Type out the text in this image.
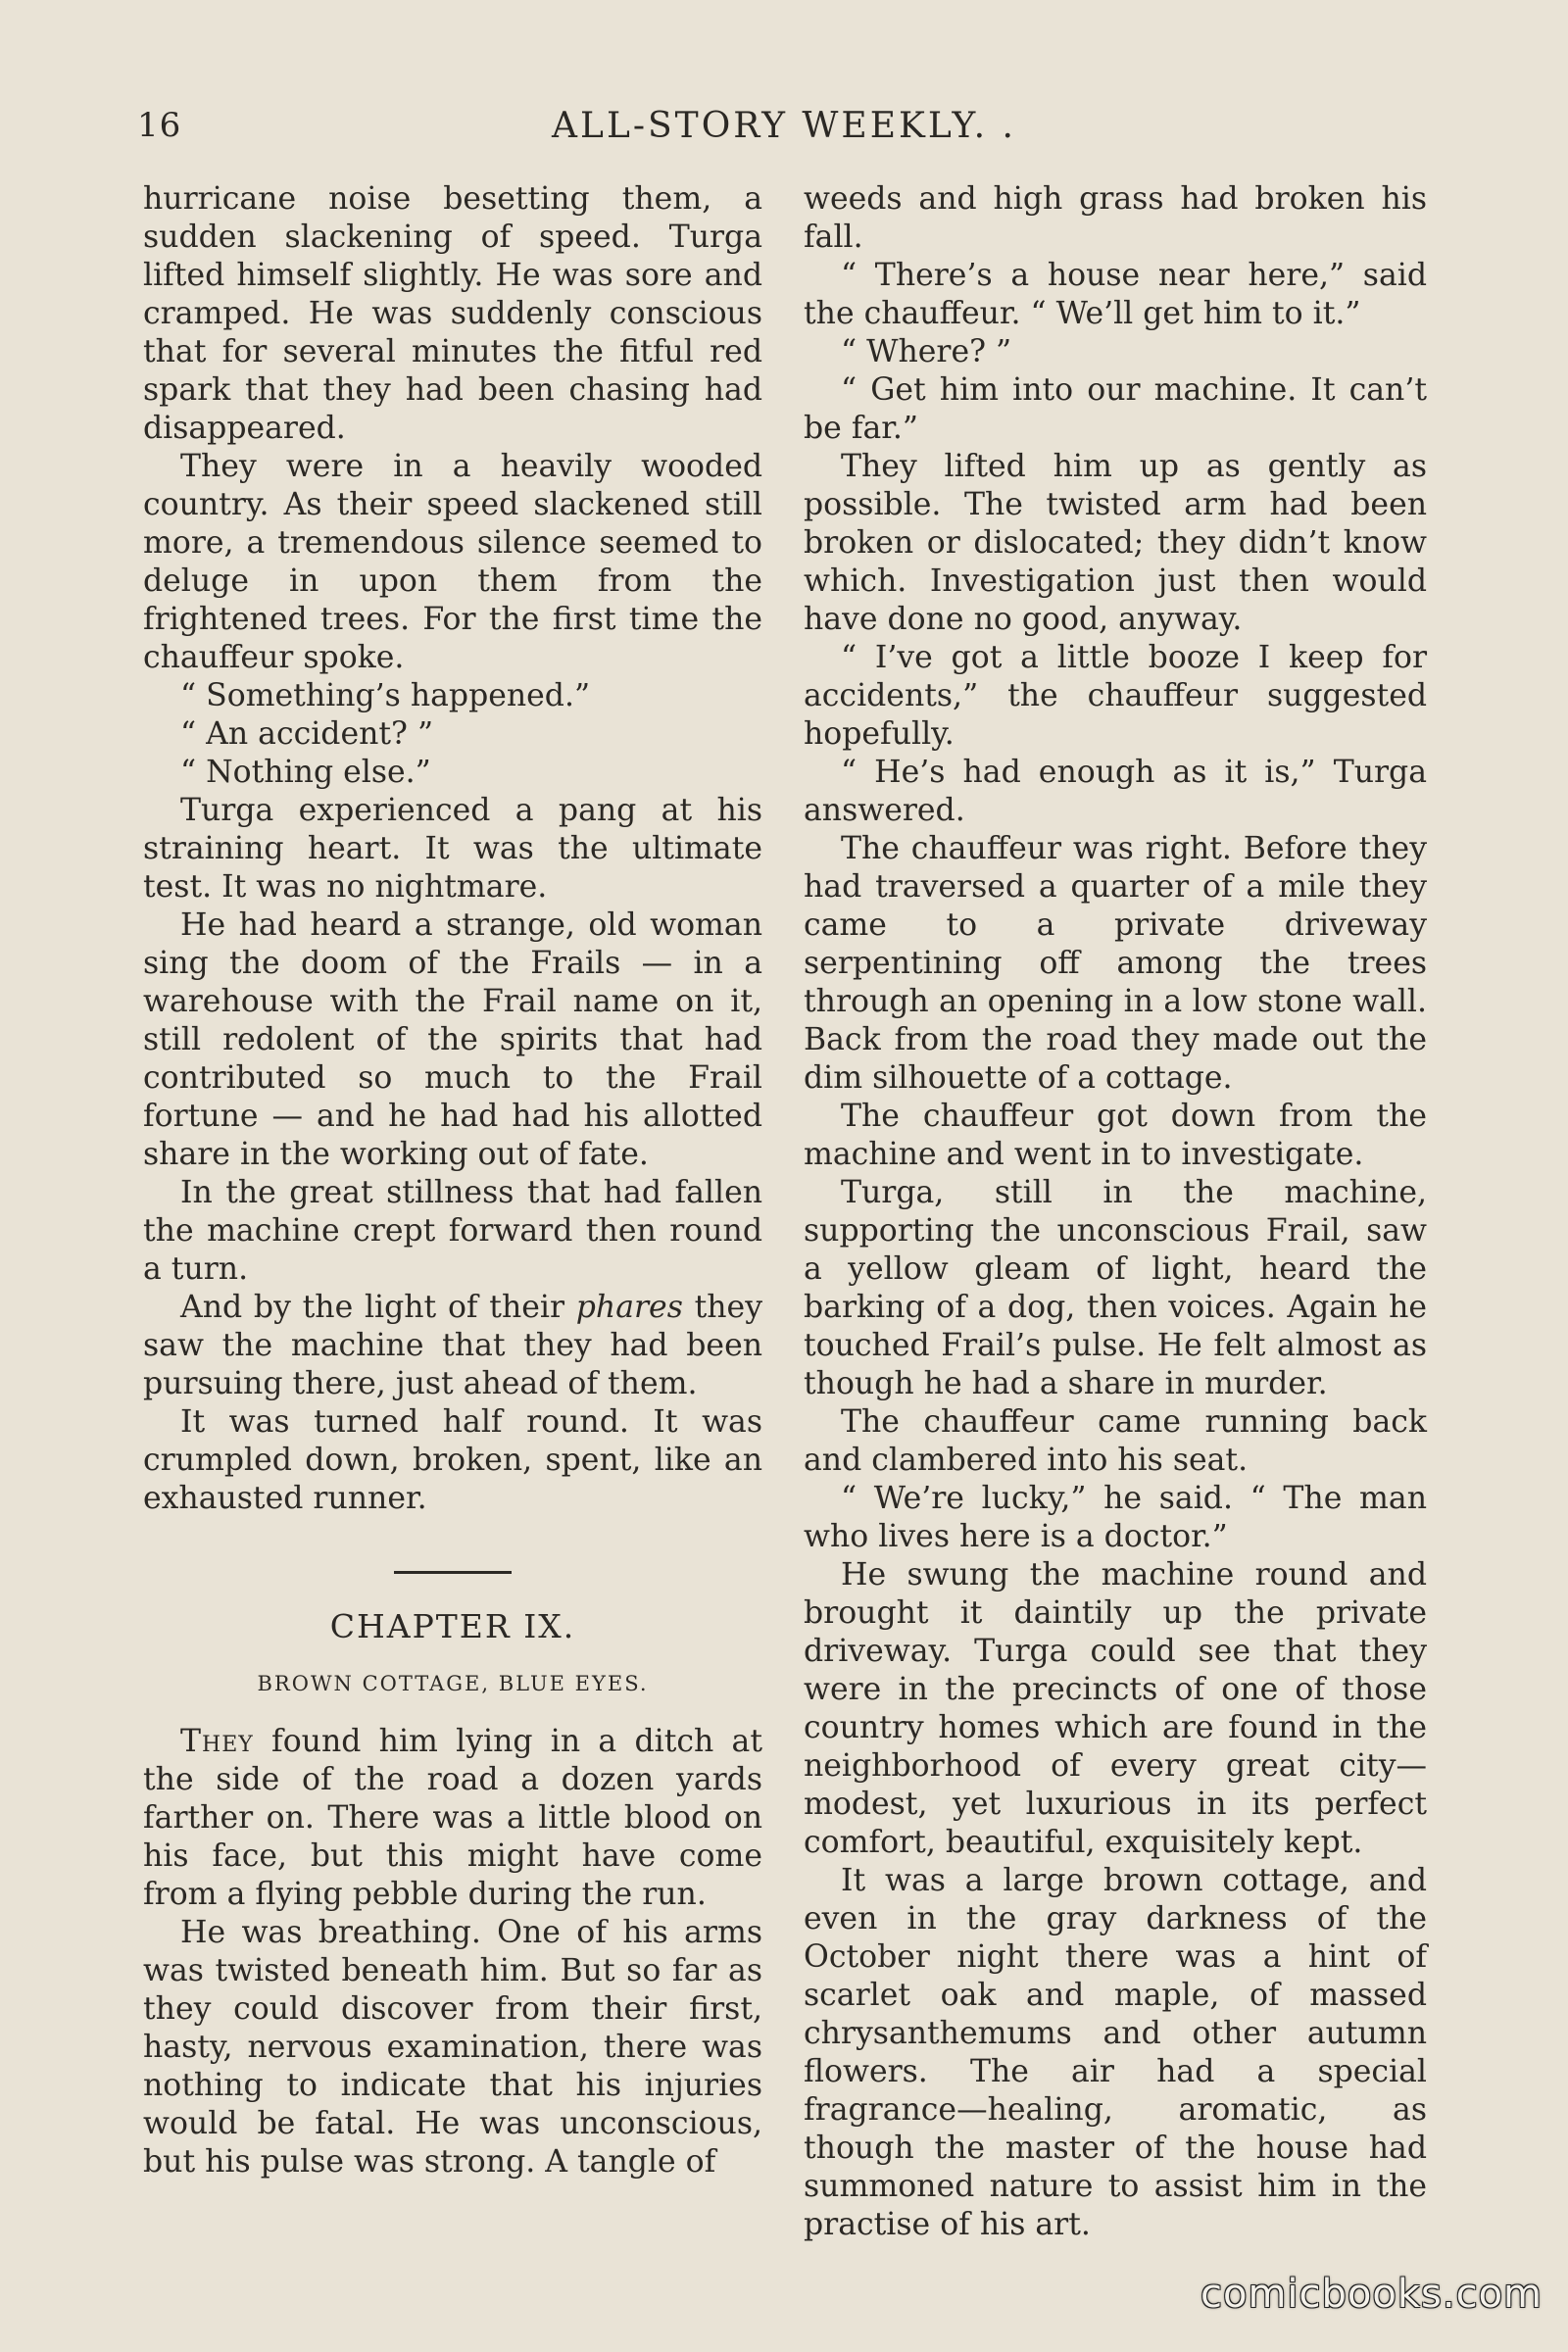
16	ALL-STORY WEEKLY. .

hurricane noise besetting them, a sudden slackening of speed. Turga lifted himself slightly. He was sore and cramped. He was suddenly conscious that for several minutes the fitful red spark that they had been chasing had disappeared.

They were in a heavily wooded country. As their speed slackened still more, a tremendous silence seemed to deluge in upon them from the frightened trees. For the first time the chauffeur spoke.

“ Something’s happened.”

“ An accident? ”

“ Nothing else.”

Turga experienced a pang at his straining heart. It was the ultimate test. It was no nightmare.

He had heard a strange, old woman sing the doom of the Frails — in a warehouse with the Frail name on it, still redolent of the spirits that had contributed so much to the Frail fortune — and he had had his allotted share in the working out of fate.

In the great stillness that had fallen the machine crept forward then round a turn.

And by the light of their phares they saw the machine that they had been pursuing there, just ahead of them.

It was turned half round. It was crumpled down, broken, spent, like an exhausted runner.

CHAPTER IX.
BROWN COTTAGE, BLUE EYES.

They found him lying in a ditch at the side of the road a dozen yards farther on. There was a little blood on his face, but this might have come from a flying pebble during the run.

He was breathing. One of his arms was twisted beneath him. But so far as they could discover from their first, hasty, nervous examination, there was nothing to indicate that his injuries would be fatal. He was unconscious, but his pulse was strong. A tangle of

weeds and high grass had broken his fall.

“ There’s a house near here,” said the chauffeur. “ We’ll get him to it.”

“ Where? ”

“ Get him into our machine. It can’t be far.”

They lifted him up as gently as possible. The twisted arm had been broken or dislocated; they didn’t know which. Investigation just then would have done no good, anyway.

“ I’ve got a little booze I keep for accidents,” the chauffeur suggested hopefully.

“ He’s had enough as it is,” Turga answered.

The chauffeur was right. Before they had traversed a quarter of a mile they came to a private driveway serpentining off among the trees through an opening in a low stone wall. Back from the road they made out the dim silhouette of a cottage.

The chauffeur got down from the machine and went in to investigate.

Turga, still in the machine, supporting the unconscious Frail, saw a yellow gleam of light, heard the barking of a dog, then voices. Again he touched Frail’s pulse. He felt almost as though he had a share in murder.

The chauffeur came running back and clambered into his seat.

“ We’re lucky,” he said. “ The man who lives here is a doctor.”

He swung the machine round and brought it daintily up the private driveway. Turga could see that they were in the precincts of one of those country homes which are found in the neighborhood of every great city—modest, yet luxurious in its perfect comfort, beautiful, exquisitely kept.

It was a large brown cottage, and even in the gray darkness of the October night there was a hint of scarlet oak and maple, of massed chrysanthemums and other autumn flowers. The air had a special fragrance—healing, aromatic, as though the master of the house had summoned nature to assist him in the practise of his art.

comicbooks.com
